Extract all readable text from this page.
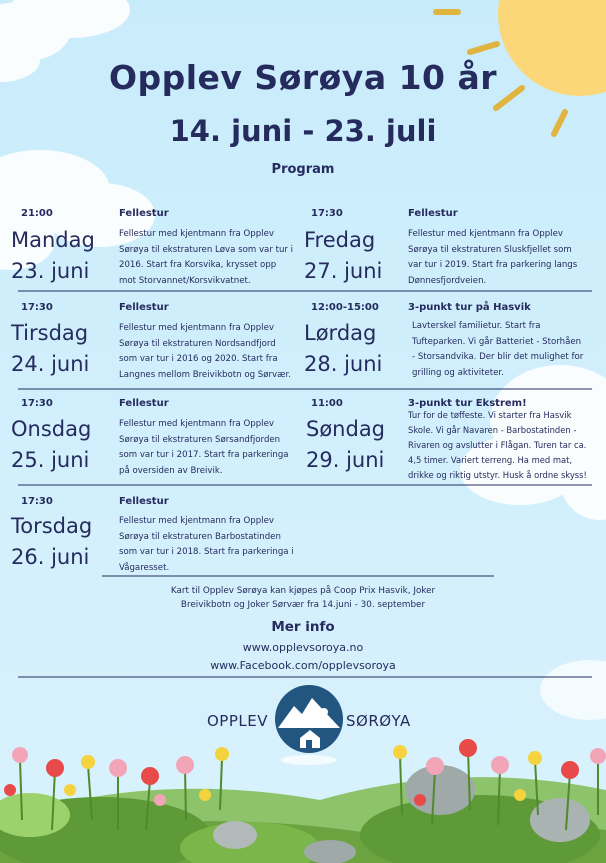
Opplev Sørøya 10 år
14. juni - 23. juli
Program
21:00
Mandag
23. juni
Fellestur
Fellestur med kjentmann fra Opplev
Sørøya til ekstraturen Løva som var tur i
2016. Start fra Korsvika, krysset opp
mot Storvannet/Korsvikvatnet.
17:30
Fredag
27. juni
Fellestur
Fellestur med kjentmann fra Opplev
Sørøya til ekstraturen Sluskfjellet som
var tur i 2019. Start fra parkering langs
Dønnesfjordveien.
17:30
Tirsdag
24. juni
Fellestur
Fellestur med kjentmann fra Opplev
Sørøya til ekstraturen Nordsandfjord
som var tur i 2016 og 2020. Start fra
Langnes mellom Breivikbotn og Sørvær.
12:00-15:00
Lørdag
28. juni
3-punkt tur på Hasvik
Lavterskel familietur. Start fra
Tufteparken. Vi går Batteriet - Storhåen
- Storsandvika. Der blir det mulighet for
grilling og aktiviteter.
17:30
Onsdag
25. juni
Fellestur
Fellestur med kjentmann fra Opplev
Sørøya til ekstraturen Sørsandfjorden
som var tur i 2017. Start fra parkeringa
på oversiden av Breivik.
11:00
Søndag
29. juni
3-punkt tur Ekstrem!
Tur for de tøffeste. Vi starter fra Hasvik
Skole. Vi går Navaren - Barbostatinden -
Rivaren og avslutter i Flågan. Turen tar ca.
4,5 timer. Variert terreng. Ha med mat,
drikke og riktig utstyr. Husk å ordne skyss!
17:30
Torsdag
26. juni
Fellestur
Fellestur med kjentmann fra Opplev
Sørøya til ekstraturen Barbostatinden
som var tur i 2018. Start fra parkeringa i
Vågaresset.
Kart til Opplev Sørøya kan kjøpes på Coop Prix Hasvik, Joker
Breivikbotn og Joker Sørvær fra 14.juni - 30. september
Mer info
www.opplevsoroya.no
www.Facebook.com/opplevsoroya
OPPLEV	SØRØYA
